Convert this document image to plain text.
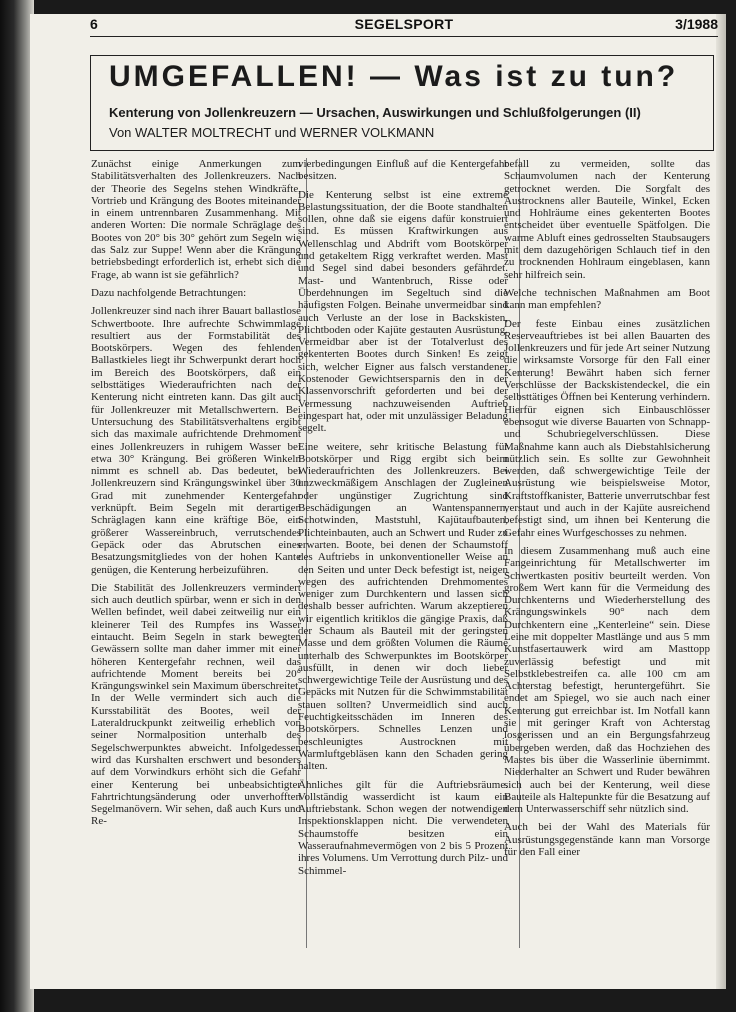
6	SEGELSPORT	3/1988
UMGEFALLEN! — Was ist zu tun?
Kenterung von Jollenkreuzern — Ursachen, Auswirkungen und Schlußfolgerungen (II)
Von WALTER MOLTRECHT und WERNER VOLKMANN

Zunächst einige Anmerkungen zum Stabilitätsverhalten des Jollenkreuzers. Nach der Theorie des Segelns stehen Windkräfte, Vortrieb und Krängung des Bootes miteinander in einem untrennbaren Zusammenhang. Mit anderen Worten: Die normale Schräglage des Bootes von 20° bis 30° gehört zum Segeln wie das Salz zur Suppe! Wenn aber die Krängung betriebsbedingt erforderlich ist, erhebt sich die Frage, ab wann ist sie gefährlich?

Dazu nachfolgende Betrachtungen:

Jollenkreuzer sind nach ihrer Bauart ballastlose Schwertboote. Ihre aufrechte Schwimmlage resultiert aus der Formstabilität des Bootskörpers. Wegen des fehlenden Ballastkieles liegt ihr Schwerpunkt derart hoch im Bereich des Bootskörpers, daß ein selbsttätiges Wiederaufrichten nach der Kenterung nicht eintreten kann. Das gilt auch für Jollenkreuzer mit Metallschwertern. Bei Untersuchung des Stabilitätsverhaltens ergibt sich das maximale aufrichtende Drehmoment eines Jollenkreuzers in ruhigem Wasser bei etwa 30° Krängung. Bei größeren Winkeln nimmt es schnell ab. Das bedeutet, bei Jollenkreuzern sind Krängungswinkel über 30 Grad mit zunehmender Kentergefahr verknüpft. Beim Segeln mit derartigen Schräglagen kann eine kräftige Böe, ein größerer Wassereinbruch, verrutschendes Gepäck oder das Abrutschen eines Besatzungsmitgliedes von der hohen Kante genügen, die Kenterung herbeizuführen.

Die Stabilität des Jollenkreuzers vermindert sich auch deutlich spürbar, wenn er sich in den Wellen befindet, weil dabei zeitweilig nur ein kleinerer Teil des Rumpfes ins Wasser eintaucht. Beim Segeln in stark bewegten Gewässern sollte man daher immer mit einer höheren Kentergefahr rechnen, weil das aufrichtende Moment bereits bei 20° Krängungswinkel sein Maximum überschreitet. In der Welle vermindert sich auch die Kursstabilität des Bootes, weil der Lateraldruckpunkt zeitweilig erheblich von seiner Normalposition unterhalb des Segelschwerpunktes abweicht. Infolgedessen wird das Kurshalten erschwert und besonders auf dem Vorwindkurs erhöht sich die Gefahr einer Kenterung bei unbeabsichtigter Fahrtrichtungsänderung oder unverhofften Segelmanövern. Wir sehen, daß auch Kurs und Re-

vierbedingungen Einfluß auf die Kentergefahr besitzen.

Die Kenterung selbst ist eine extreme Belastungssituation, der die Boote standhalten sollen, ohne daß sie eigens dafür konstruiert sind. Es müssen Kraftwirkungen aus Wellenschlag und Abdrift vom Bootskörper und getakeltem Rigg verkraftet werden. Mast und Segel sind dabei besonders gefährdet. Mast- und Wantenbruch, Risse oder Überdehnungen im Segeltuch sind die häufigsten Folgen. Beinahe unvermeidbar sind auch Verluste an der lose in Backskisten, Plichtboden oder Kajüte gestauten Ausrüstung. Vermeidbar aber ist der Totalverlust des gekenterten Bootes durch Sinken! Es zeigt sich, welcher Eigner aus falsch verstandener Kostenoder Gewichtsersparnis den in der Klassenvorschrift geforderten und bei der Vermessung nachzuweisenden Auftrieb eingespart hat, oder mit unzulässiger Beladung segelt.

Eine weitere, sehr kritische Belastung für Bootskörper und Rigg ergibt sich beim Wiederaufrichten des Jollenkreuzers. Bei unzweckmäßigem Anschlagen der Zugleinen oder ungünstiger Zugrichtung sind Beschädigungen an Wantenspannern, Schotwinden, Maststuhl, Kajütaufbauten, Plichteinbauten, auch an Schwert und Ruder zu erwarten. Boote, bei denen der Schaumstoff des Auftriebs in unkonventioneller Weise an den Seiten und unter Deck befestigt ist, neigen wegen des aufrichtenden Drehmomentes weniger zum Durchkentern und lassen sich deshalb besser aufrichten. Warum akzeptieren wir eigentlich kritiklos die gängige Praxis, daß der Schaum als Bauteil mit der geringsten Masse und dem größten Volumen die Räume unterhalb des Schwerpunktes im Bootskörper ausfüllt, in denen wir doch lieber schwergewichtige Teile der Ausrüstung und des Gepäcks mit Nutzen für die Schwimmstabilität stauen sollten? Unvermeidlich sind auch Feuchtigkeitsschäden im Inneren des Bootskörpers. Schnelles Lenzen und beschleunigtes Austrocknen mit Warmluftgebläsen kann den Schaden gering halten.

Ähnliches gilt für die Auftriebsräume. Vollständig wasserdicht ist kaum ein Auftriebstank. Schon wegen der notwendigen Inspektionsklappen nicht. Die verwendeten Schaumstoffe besitzen ein Wasseraufnahmevermögen von 2 bis 5 Prozent ihres Volumens. Um Verrottung durch Pilz- und Schimmel-

befall zu vermeiden, sollte das Schaumvolumen nach der Kenterung getrocknet werden. Die Sorgfalt des Austrocknens aller Bauteile, Winkel, Ecken und Hohlräume eines gekenterten Bootes entscheidet über eventuelle Spätfolgen. Die warme Abluft eines gedrosselten Staubsaugers mit dem dazugehörigen Schlauch tief in den zu trocknenden Hohlraum eingeblasen, kann sehr hilfreich sein.

Welche technischen Maßnahmen am Boot kann man empfehlen?

Der feste Einbau eines zusätzlichen Reserveauftriebes ist bei allen Bauarten des Jollenkreuzers und für jede Art seiner Nutzung die wirksamste Vorsorge für den Fall einer Kenterung! Bewährt haben sich ferner Verschlüsse der Backskistendeckel, die ein selbsttätiges Öffnen bei Kenterung verhindern. Hierfür eignen sich Einbauschlösser ebensogut wie diverse Bauarten von Schnapp- und Schubriegelverschlüssen. Diese Maßnahme kann auch als Diebstahlsicherung nützlich sein. Es sollte zur Gewohnheit werden, daß schwergewichtige Teile der Ausrüstung wie beispielsweise Motor, Kraftstoffkanister, Batterie unverrutschbar fest verstaut und auch in der Kajüte ausreichend befestigt sind, um ihnen bei Kenterung die Gefahr eines Wurfgeschosses zu nehmen.

In diesem Zusammenhang muß auch eine Fangeinrichtung für Metallschwerter im Schwertkasten positiv beurteilt werden. Von großem Wert kann für die Vermeidung des Durchkenterns und Wiederherstellung des Krängungswinkels 90° nach dem Durchkentern eine „Kenterleine“ sein. Diese Leine mit doppelter Mastlänge und aus 5 mm Kunstfasertauwerk wird am Masttopp zuverlässig befestigt und mit Selbstklebestreifen ca. alle 100 cm am Achterstag befestigt, heruntergeführt. Sie endet am Spiegel, wo sie auch nach einer Kenterung gut erreichbar ist. Im Notfall kann sie mit geringer Kraft von Achterstag losgerissen und an ein Bergungsfahrzeug übergeben werden, daß das Hochziehen des Mastes bis über die Wasserlinie übernimmt. Niederhalter an Schwert und Ruder bewähren sich auch bei der Kenterung, weil diese Bauteile als Haltepunkte für die Besatzung auf dem Unterwasserschiff sehr nützlich sind.

Auch bei der Wahl des Materials für Ausrüstungsgegenstände kann man Vorsorge für den Fall einer
